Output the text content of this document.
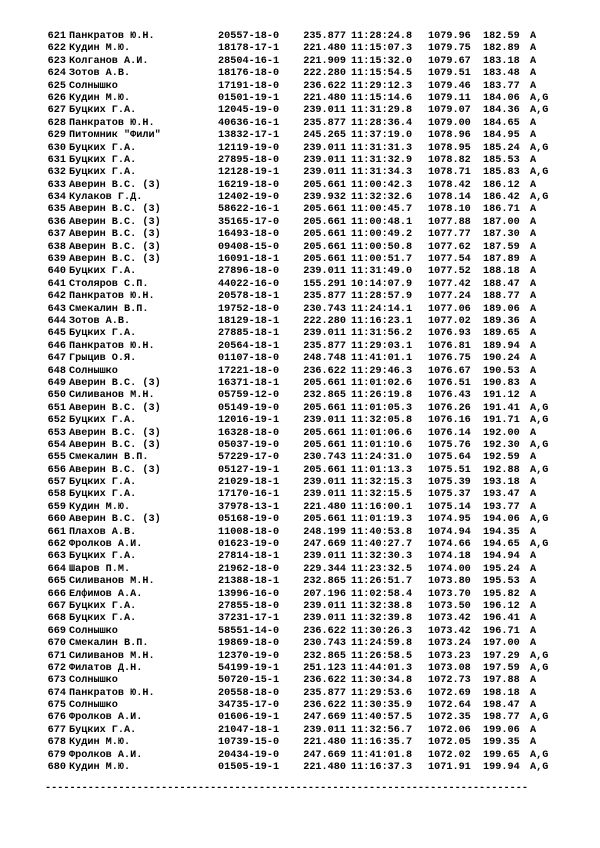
621 Панкратов Ю.Н.	20557-18-0 235.877 11:28:24.8 1079.96 182.59 A
622 Кудин М.Ю.	18178-17-1 221.480 11:15:07.3 1079.75 182.89 A
623 Колганов А.И.	28504-16-1 221.909 11:15:32.0 1079.67 183.18 A
624 Зотов А.В.	18176-18-0 222.280 11:15:54.5 1079.51 183.48 A
625 Солнышко	17191-18-0 236.622 11:29:12.3 1079.46 183.77 A
626 Кудин М.Ю.	01501-19-1 221.480 11:15:14.6 1079.11 184.06 A,G
627 Буцких Г.А.	12045-19-0 239.011 11:31:29.8 1079.07 184.36 A,G
628 Панкратов Ю.Н.	40636-16-1 235.877 11:28:36.4 1079.00 184.65 A
629 Питомник "Фили"	13832-17-1 245.265 11:37:19.0 1078.96 184.95 A
630 Буцких Г.А.	12119-19-0 239.011 11:31:31.3 1078.95 185.24 A,G
631 Буцких Г.А.	27895-18-0 239.011 11:31:32.9 1078.82 185.53 A
632 Буцких Г.А.	12128-19-1 239.011 11:31:34.3 1078.71 185.83 A,G
633 Аверин В.С. (3)	16219-18-0 205.661 11:00:42.3 1078.42 186.12 A
634 Кулаков Г.Д.	12402-19-0 239.932 11:32:32.6 1078.14 186.42 A,G
635 Аверин В.С. (3)	58622-16-1 205.661 11:00:45.7 1078.10 186.71 A
636 Аверин В.С. (3)	35165-17-0 205.661 11:00:48.1 1077.88 187.00 A
637 Аверин В.С. (3)	16493-18-0 205.661 11:00:49.2 1077.77 187.30 A
638 Аверин В.С. (3)	09408-15-0 205.661 11:00:50.8 1077.62 187.59 A
639 Аверин В.С. (3)	16091-18-1 205.661 11:00:51.7 1077.54 187.89 A
640 Буцких Г.А.	27896-18-0 239.011 11:31:49.0 1077.52 188.18 A
641 Столяров С.П.	44022-16-0 155.291 10:14:07.9 1077.42 188.47 A
642 Панкратов Ю.Н.	20578-18-1 235.877 11:28:57.9 1077.24 188.77 A
643 Смекалин В.П.	19752-18-0 230.743 11:24:14.1 1077.06 189.06 A
644 Зотов А.В.	18129-18-1 222.280 11:16:23.1 1077.02 189.36 A
645 Буцких Г.А.	27885-18-1 239.011 11:31:56.2 1076.93 189.65 A
646 Панкратов Ю.Н.	20564-18-1 235.877 11:29:03.1 1076.81 189.94 A
647 Грыцив О.Я.	01107-18-0 248.748 11:41:01.1 1076.75 190.24 A
648 Солнышко	17221-18-0 236.622 11:29:46.3 1076.67 190.53 A
649 Аверин В.С. (3)	16371-18-1 205.661 11:01:02.6 1076.51 190.83 A
650 Силиванов М.Н.	05759-12-0 232.865 11:26:19.8 1076.43 191.12 A
651 Аверин В.С. (3)	05149-19-0 205.661 11:01:05.3 1076.26 191.41 A,G
652 Буцких Г.А.	12016-19-1 239.011 11:32:05.8 1076.16 191.71 A,G
653 Аверин В.С. (3)	16328-18-0 205.661 11:01:06.6 1076.14 192.00 A
654 Аверин В.С. (3)	05037-19-0 205.661 11:01:10.6 1075.76 192.30 A,G
655 Смекалин В.П.	57229-17-0 230.743 11:24:31.0 1075.64 192.59 A
656 Аверин В.С. (3)	05127-19-1 205.661 11:01:13.3 1075.51 192.88 A,G
657 Буцких Г.А.	21029-18-1 239.011 11:32:15.3 1075.39 193.18 A
658 Буцких Г.А.	17170-16-1 239.011 11:32:15.5 1075.37 193.47 A
659 Кудин М.Ю.	37978-13-1 221.480 11:16:00.1 1075.14 193.77 A
660 Аверин В.С. (3)	05168-19-0 205.661 11:01:19.3 1074.95 194.06 A,G
661 Плахов А.В.	11008-18-0 248.199 11:40:53.8 1074.94 194.35 A
662 Фролков А.И.	01623-19-0 247.669 11:40:27.7 1074.66 194.65 A,G
663 Буцких Г.А.	27814-18-1 239.011 11:32:30.3 1074.18 194.94 A
664 Шаров П.М.	21962-18-0 229.344 11:23:32.5 1074.00 195.24 A
665 Силиванов М.Н.	21388-18-1 232.865 11:26:51.7 1073.80 195.53 A
666 Елфимов А.А.	13996-16-0 207.196 11:02:58.4 1073.70 195.82 A
667 Буцких Г.А.	27855-18-0 239.011 11:32:38.8 1073.50 196.12 A
668 Буцких Г.А.	37231-17-1 239.011 11:32:39.8 1073.42 196.41 A
669 Солнышко	58551-14-0 236.622 11:30:26.3 1073.42 196.71 A
670 Смекалин В.П.	19869-18-0 230.743 11:24:59.8 1073.24 197.00 A
671 Силиванов М.Н.	12370-19-0 232.865 11:26:58.5 1073.23 197.29 A,G
672 Филатов Д.Н.	54199-19-1 251.123 11:44:01.3 1073.08 197.59 A,G
673 Солнышко	50720-15-1 236.622 11:30:34.8 1072.73 197.88 A
674 Панкратов Ю.Н.	20558-18-0 235.877 11:29:53.6 1072.69 198.18 A
675 Солнышко	34735-17-0 236.622 11:30:35.9 1072.64 198.47 A
676 Фролков А.И.	01606-19-1 247.669 11:40:57.5 1072.35 198.77 A,G
677 Буцких Г.А.	21047-18-1 239.011 11:32:56.7 1072.06 199.06 A
678 Кудин М.Ю.	10739-15-0 221.480 11:16:35.7 1072.05 199.35 A
679 Фролков А.И.	20434-19-0 247.669 11:41:01.8 1072.02 199.65 A,G
680 Кудин М.Ю.	01505-19-1 221.480 11:16:37.3 1071.91 199.94 A,G
-------------------------------------------------------------------------------
